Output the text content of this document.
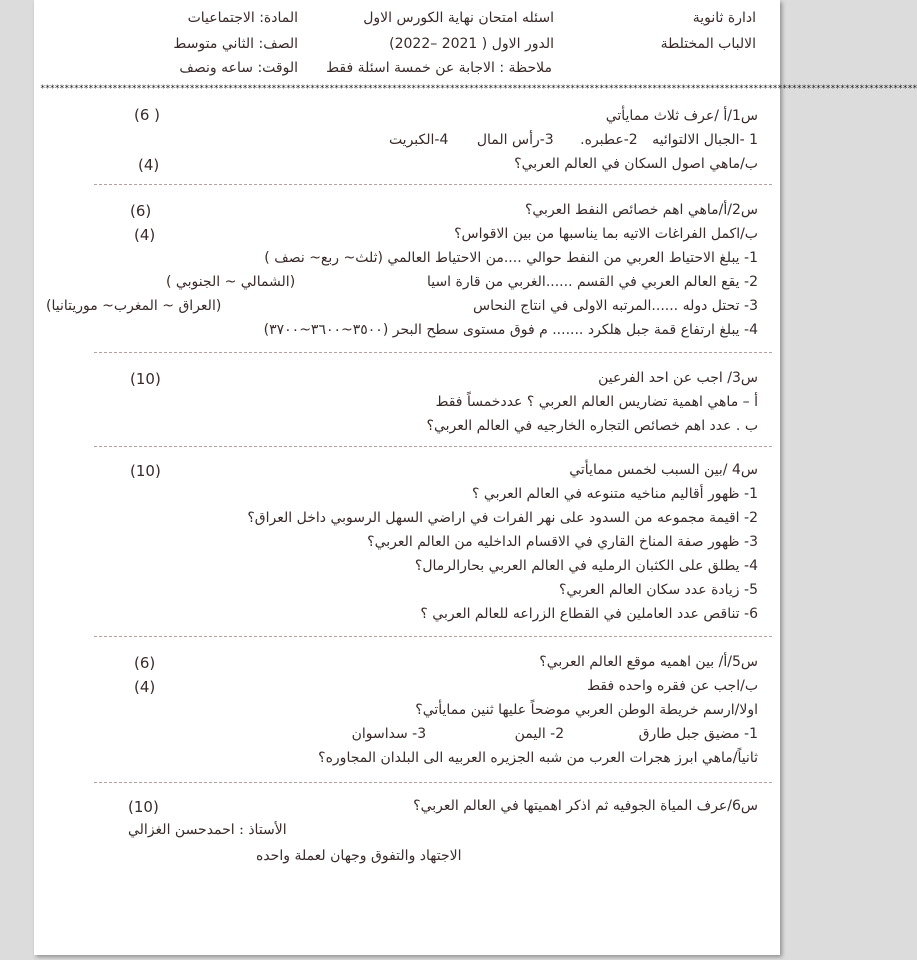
ادارة ثانوية
الالباب المختلطة
اسئله امتحان نهاية الكورس الاول
الدور الاول ( 2021 –2022)
ملاحظة : الاجابة عن خمسة اسئلة فقط
المادة: الاجتماعيات
الصف: الثاني متوسط
الوقت: ساعه ونصف
**************************************************************************************************************************************************************************************
س1/أ /عرف ثلاث ممايأتي
(6 )
1 -الجبال الالتوائيه 2-عطبره. 3-رأس المال 4-الكبريت
ب/ماهي اصول السكان في العالم العربي؟
(4)
س2/أ/ماهي اهم خصائص النفط العربي؟
(6)
ب/اكمل الفراغات الاتيه بما يناسبها من بين الاقواس؟
(4)
1- يبلغ الاحتياط العربي من النفط حوالي ....من الاحتياط العالمي (ثلث~ ربع~ نصف )
2- يقع العالم العربي في القسم ......الغربي من قارة اسيا
(الشمالي ~ الجنوبي )
3- تحتل دوله ......المرتبه الاولى في انتاج النحاس
(العراق ~ المغرب~ موريتانيا)
4- يبلغ ارتفاع قمة جبل هلكرد ....... م فوق مستوى سطح البحر (٣٥٠٠~٣٦٠٠~٣٧٠٠)
س3/ اجب عن احد الفرعين
(10)
أ – ماهي اهمية تضاريس العالم العربي ؟ عددخمساً فقط
ب . عدد اهم خصائص التجاره الخارجيه في العالم العربي؟
س4 /بين السبب لخمس ممايأتي
(10)
1- ظهور أقاليم مناخيه متنوعه في العالم العربي ؟
2- اقيمة مجموعه من السدود على نهر الفرات في اراضي السهل الرسوبي داخل العراق؟
3- ظهور صفة المناخ القاري في الاقسام الداخليه من العالم العربي؟
4- يطلق على الكثبان الرمليه في العالم العربي بحارالرمال؟
5- زيادة عدد سكان العالم العربي؟
6- تناقص عدد العاملين في القطاع الزراعه للعالم العربي ؟
س5/أ/ بين اهميه موقع العالم العربي؟
(6)
ب/اجب عن فقره واحده فقط
(4)
اولا/ارسم خريطة الوطن العربي موضحاً عليها ثنين ممايأتي؟
1- مضيق جبل طارق 2- اليمن 3- سداسوان
ثانياً/ماهي ابرز هجرات العرب من شبه الجزيره العربيه الى البلدان المجاوره؟
س6/عرف المياة الجوفيه ثم اذكر اهميتها في العالم العربي؟
(10)
الأستاذ : احمدحسن الغزالي
الاجتهاد والتفوق وجهان لعملة واحده
